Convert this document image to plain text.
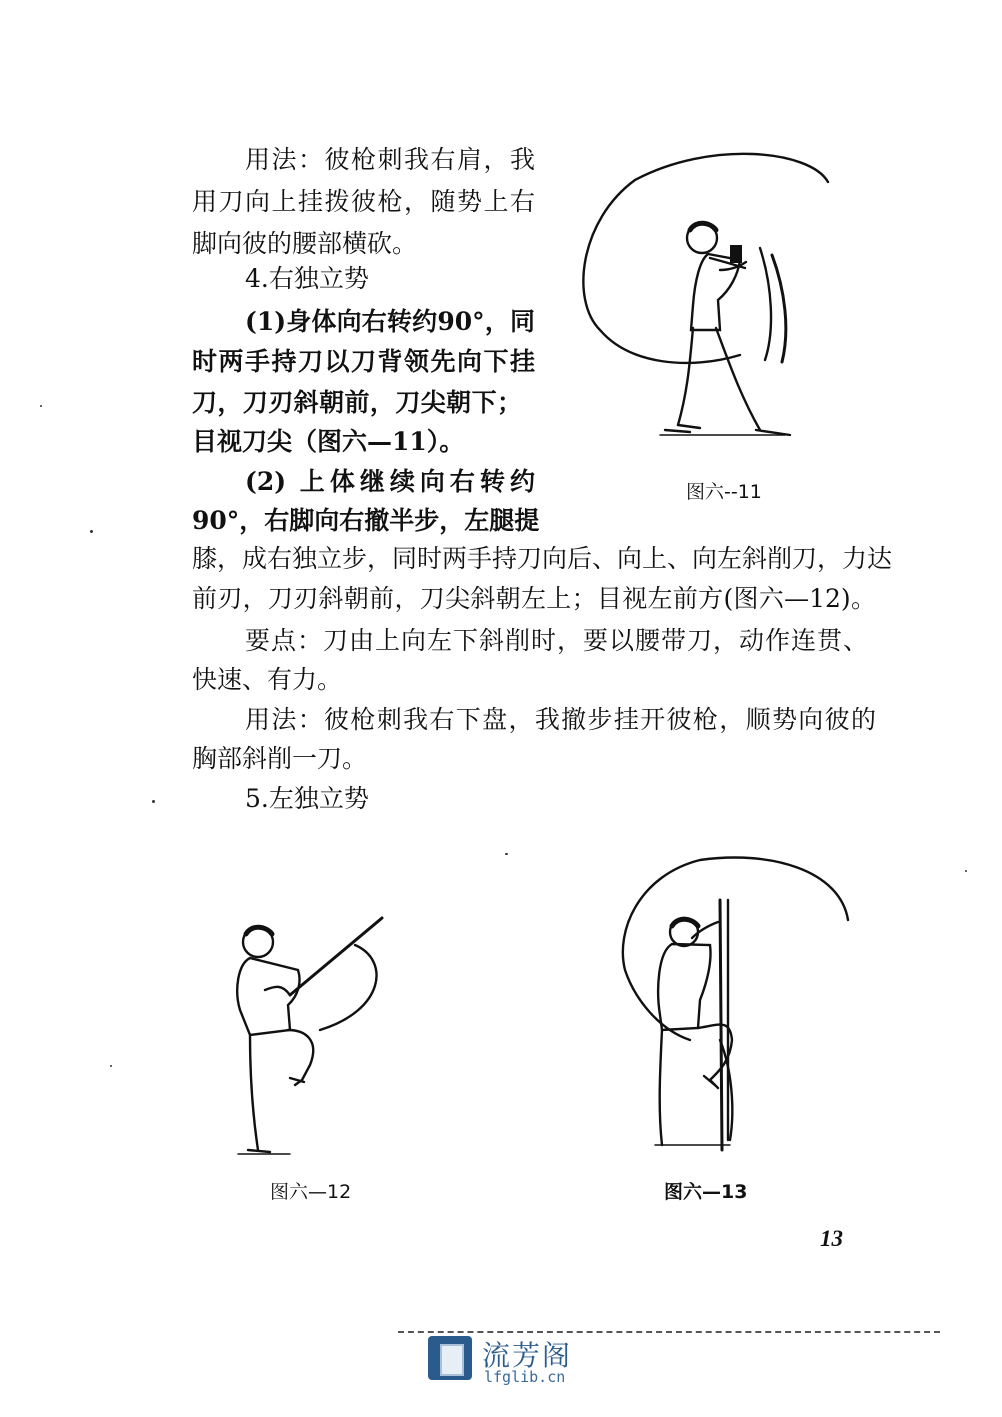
用法：彼枪刺我右肩，我
用刀向上挂拨彼枪，随势上右
脚向彼的腰部横砍。
4.右独立势
(1)身体向右转约90°，同
时两手持刀以刀背领先向下挂
刀，刀刃斜朝前，刀尖朝下；
目视刀尖（图六—11）。
(2) 上体继续向右转约
90°，右脚向右撤半步，左腿提
膝，成右独立步，同时两手持刀向后、向上、向左斜削刀，力达
前刃，刀刃斜朝前，刀尖斜朝左上；目视左前方(图六—12)。
要点：刀由上向左下斜削时，要以腰带刀，动作连贯、
快速、有力。
用法：彼枪刺我右下盘，我撤步挂开彼枪，顺势向彼的
胸部斜削一刀。
5.左独立势
图六--11
图六—12	图六—13
13
流芳阁
lfglib.cn
